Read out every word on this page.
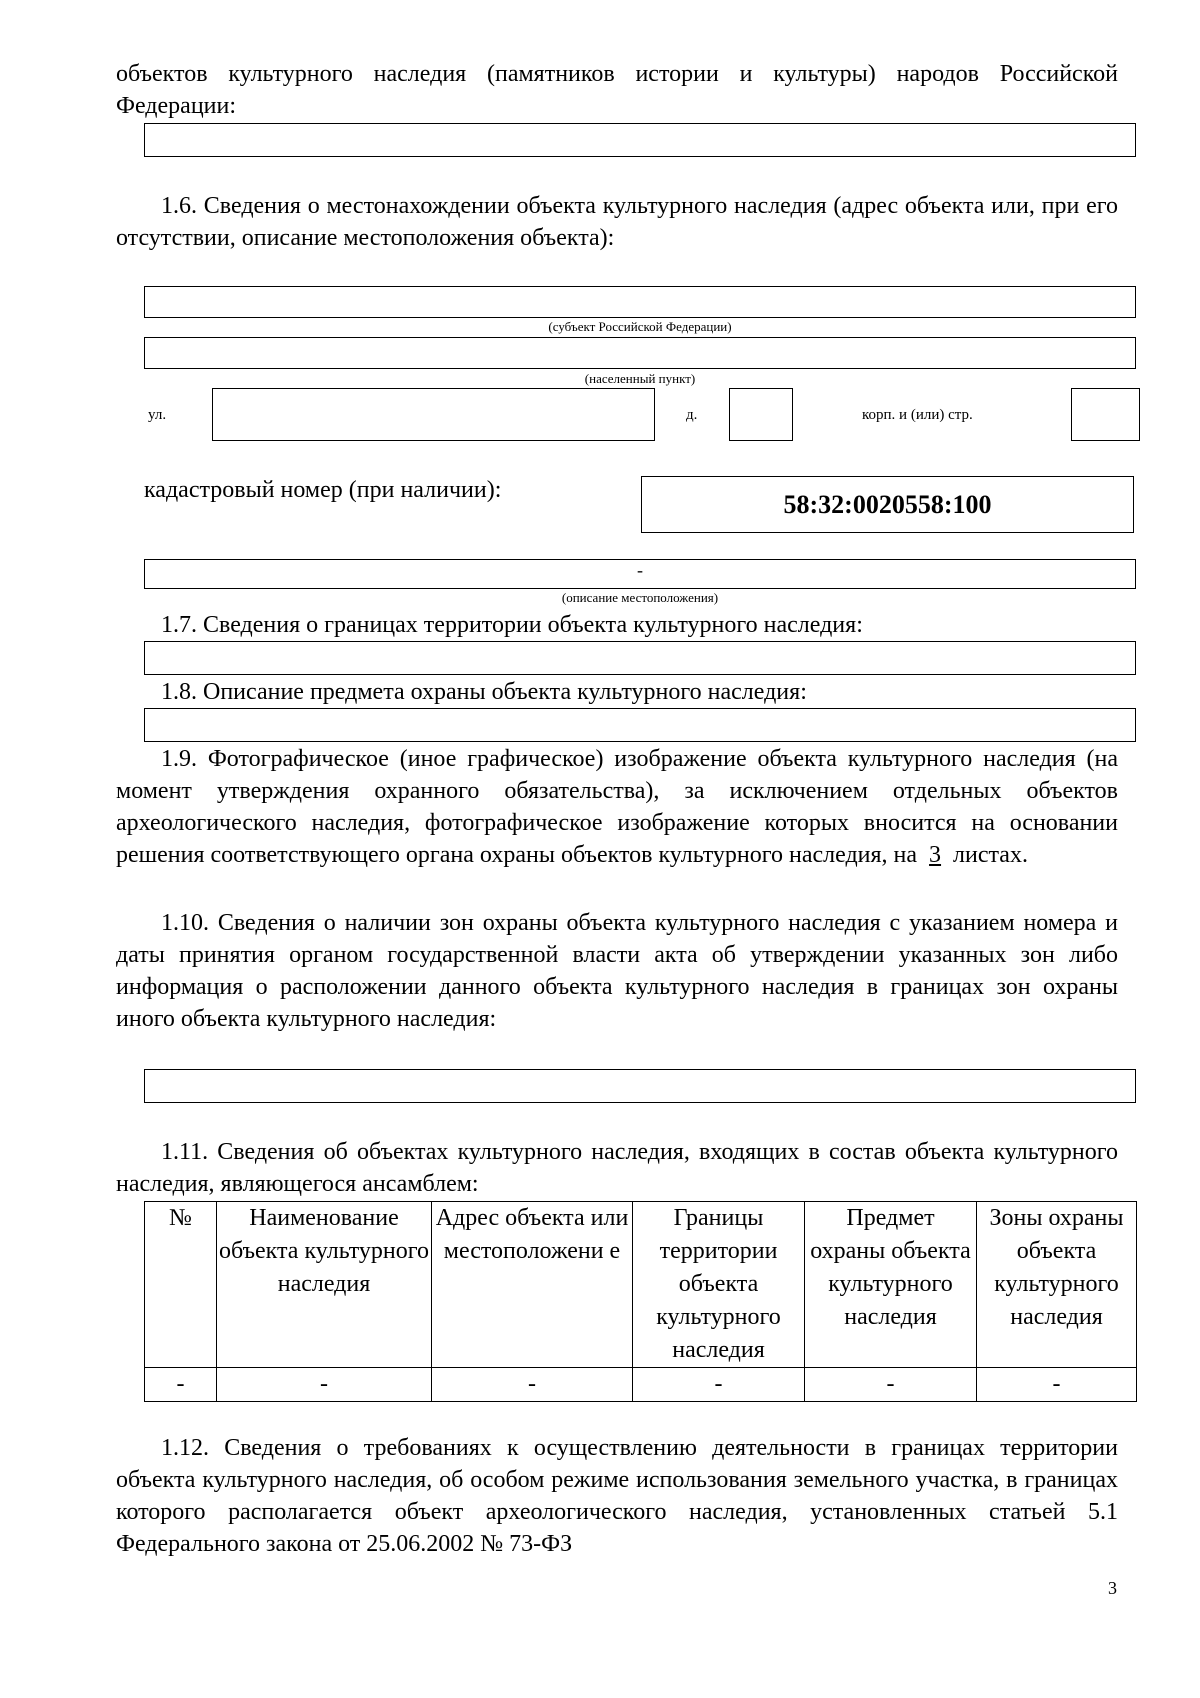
объектов культурного наследия (памятников истории и культуры) народов Российской Федерации:
1.6. Сведения о местонахождении объекта культурного наследия (адрес объекта или, при его отсутствии, описание местоположения объекта):
(субъект Российской Федерации)
(населенный пункт)
ул.	д.	корп. и (или) стр.
кадастровый номер (при наличии):	58:32:0020558:100
-
(описание местоположения)
1.7. Сведения о границах территории объекта культурного наследия:
1.8. Описание предмета охраны объекта культурного наследия:
1.9. Фотографическое (иное графическое) изображение объекта культурного наследия (на момент утверждения охранного обязательства), за исключением отдельных объектов археологического наследия, фотографическое изображение которых вносится на основании решения соответствующего органа охраны объектов культурного наследия, на 3 листах.
1.10. Сведения о наличии зон охраны объекта культурного наследия с указанием номера и даты принятия органом государственной власти акта об утверждении указанных зон либо информация о расположении данного объекта культурного наследия в границах зон охраны иного объекта культурного наследия:
1.11. Сведения об объектах культурного наследия, входящих в состав объекта культурного наследия, являющегося ансамблем:
№	Наименование объекта культурного наследия	Адрес объекта или местоположени е	Границы территории объекта культурного наследия	Предмет охраны объекта культурного наследия	Зоны охраны объекта культурного наследия
-	-	-	-	-	-
1.12. Сведения о требованиях к осуществлению деятельности в границах территории объекта культурного наследия, об особом режиме использования земельного участка, в границах которого располагается объект археологического наследия, установленных статьей 5.1 Федерального закона от 25.06.2002 № 73-ФЗ
3
